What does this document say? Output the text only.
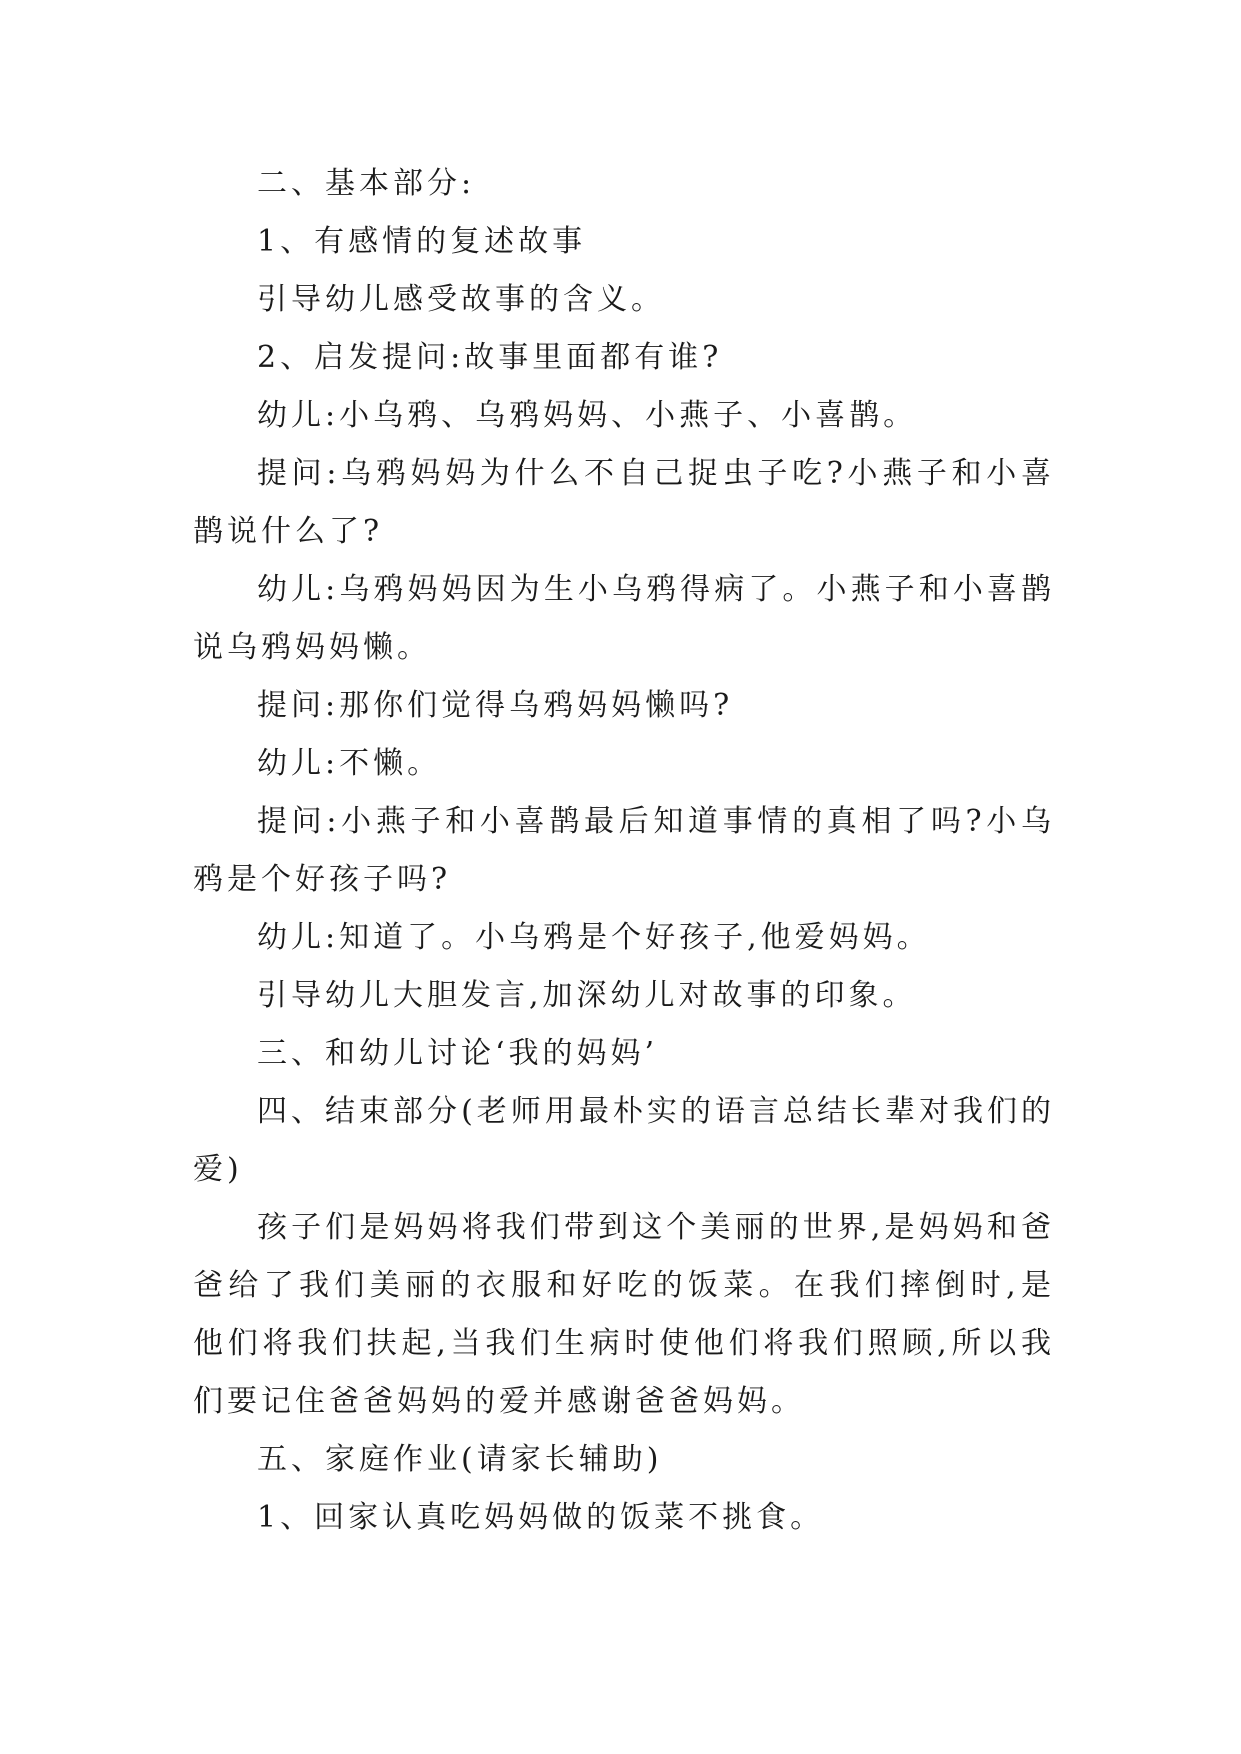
二、基本部分:

1、有感情的复述故事

引导幼儿感受故事的含义。

2、启发提问:故事里面都有谁?

幼儿:小乌鸦、乌鸦妈妈、小燕子、小喜鹊。

提问:乌鸦妈妈为什么不自己捉虫子吃?小燕子和小喜鹊说什么了?

幼儿:乌鸦妈妈因为生小乌鸦得病了。小燕子和小喜鹊说乌鸦妈妈懒。

提问:那你们觉得乌鸦妈妈懒吗?

幼儿:不懒。

提问:小燕子和小喜鹊最后知道事情的真相了吗?小乌鸦是个好孩子吗?

幼儿:知道了。小乌鸦是个好孩子,他爱妈妈。

引导幼儿大胆发言,加深幼儿对故事的印象。

三、和幼儿讨论‘我的妈妈’

四、结束部分(老师用最朴实的语言总结长辈对我们的爱)

孩子们是妈妈将我们带到这个美丽的世界,是妈妈和爸爸给了我们美丽的衣服和好吃的饭菜。在我们摔倒时,是他们将我们扶起,当我们生病时使他们将我们照顾,所以我们要记住爸爸妈妈的爱并感谢爸爸妈妈。

五、家庭作业(请家长辅助)

1、回家认真吃妈妈做的饭菜不挑食。
